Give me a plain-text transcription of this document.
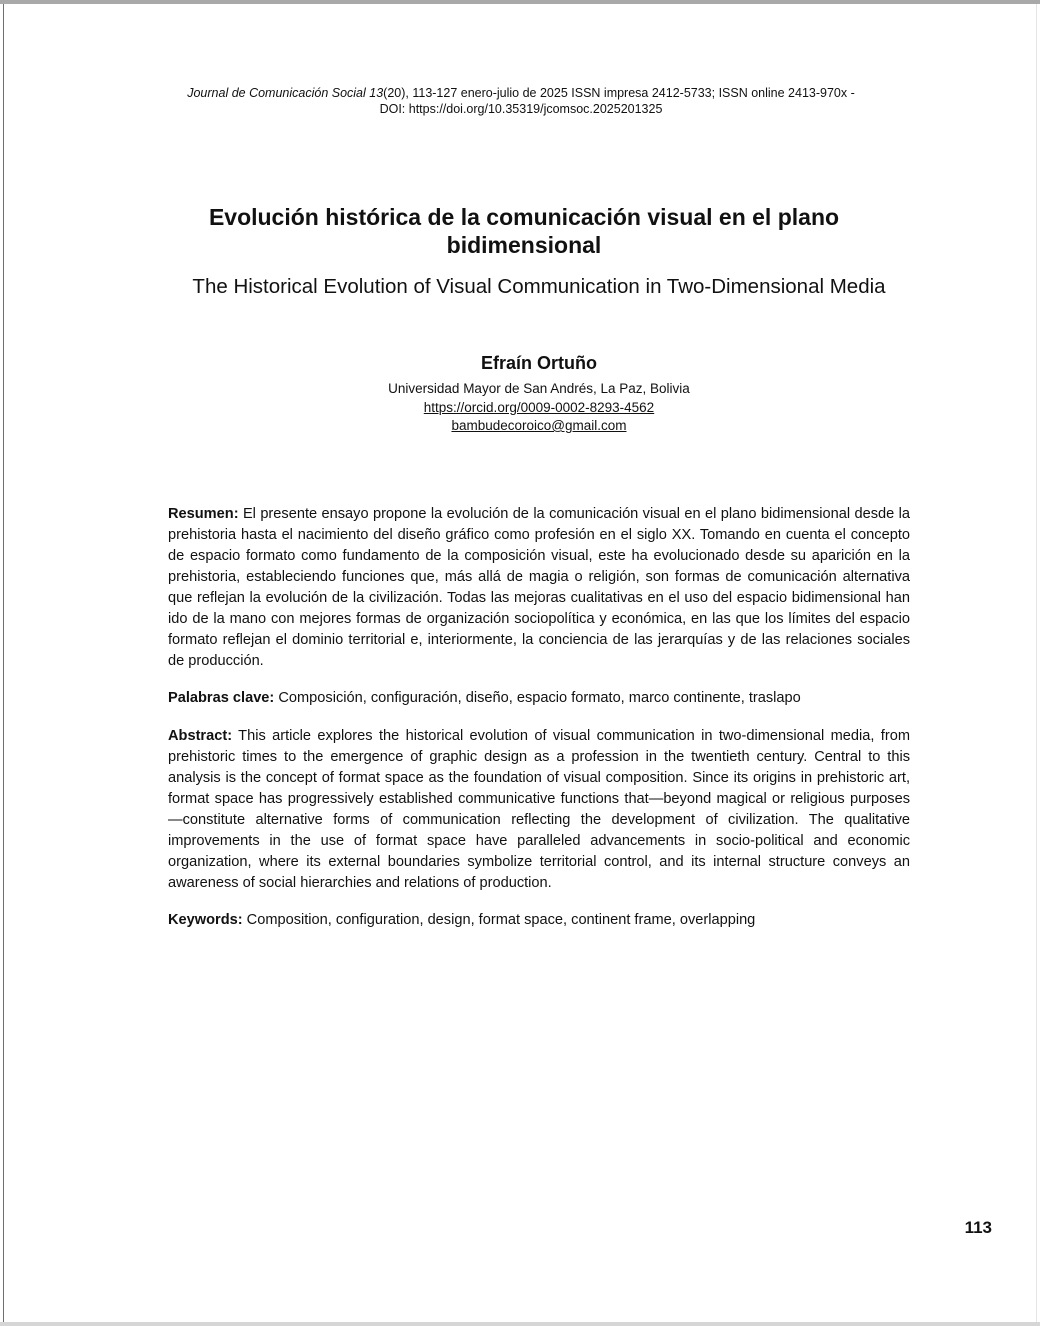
Journal de Comunicación Social 13(20), 113-127 enero-julio de 2025 ISSN impresa 2412-5733; ISSN online 2413-970x -
DOI: https://doi.org/10.35319/jcomsoc.2025201325
Evolución histórica de la comunicación visual en el plano bidimensional
The Historical Evolution of Visual Communication in Two-Dimensional Media
Efraín Ortuño
Universidad Mayor de San Andrés, La Paz, Bolivia
https://orcid.org/0009-0002-8293-4562
bambudecoroico@gmail.com
Resumen: El presente ensayo propone la evolución de la comunicación visual en el plano bidimensional desde la prehistoria hasta el nacimiento del diseño gráfico como profesión en el siglo XX. Tomando en cuenta el concepto de espacio formato como fundamento de la composición visual, este ha evolucionado desde su aparición en la prehistoria, estableciendo funciones que, más allá de magia o religión, son formas de comunicación alternativa que reflejan la evolución de la civilización. Todas las mejoras cualitativas en el uso del espacio bidimensional han ido de la mano con mejores formas de organización sociopolítica y económica, en las que los límites del espacio formato reflejan el dominio territorial e, interiormente, la conciencia de las jerarquías y de las relaciones sociales de producción.
Palabras clave: Composición, configuración, diseño, espacio formato, marco continente, traslapo
Abstract: This article explores the historical evolution of visual communication in two-dimensional media, from prehistoric times to the emergence of graphic design as a profession in the twentieth century. Central to this analysis is the concept of format space as the foundation of visual composition. Since its origins in prehistoric art, format space has progressively established communicative functions that—beyond magical or religious purposes—constitute alternative forms of communication reflecting the development of civilization. The qualitative improvements in the use of format space have paralleled advancements in socio-political and economic organization, where its external boundaries symbolize territorial control, and its internal structure conveys an awareness of social hierarchies and relations of production.
Keywords: Composition, configuration, design, format space, continent frame, overlapping
113
